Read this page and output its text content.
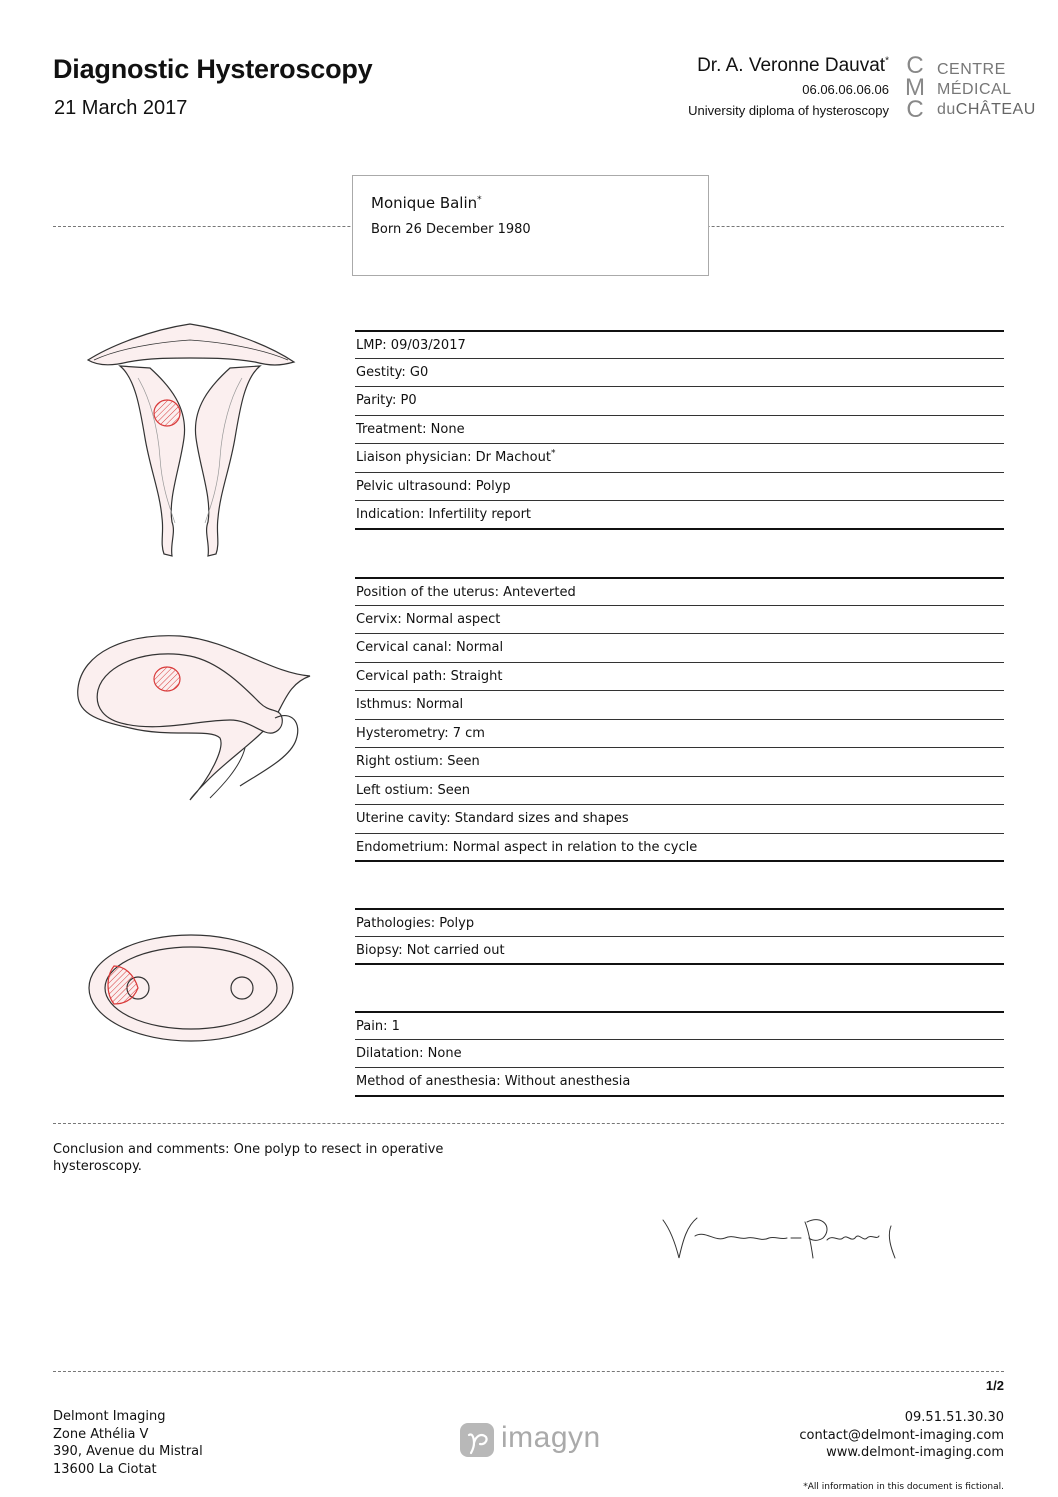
Diagnostic Hysteroscopy
21 March 2017
Dr. A. Veronne Dauvat*
06.06.06.06.06
University diploma of hysteroscopy
C
M
C
CENTRE
MÉDICAL
duCHÂTEAU
Monique Balin*
Born 26 December 1980
LMP: 09/03/2017
Gestity: G0
Parity: P0
Treatment: None
Liaison physician: Dr Machout*
Pelvic ultrasound: Polyp
Indication: Infertility report
Position of the uterus: Anteverted
Cervix: Normal aspect
Cervical canal: Normal
Cervical path: Straight
Isthmus: Normal
Hysterometry: 7 cm
Right ostium: Seen
Left ostium: Seen
Uterine cavity: Standard sizes and shapes
Endometrium: Normal aspect in relation to the cycle
Pathologies: Polyp
Biopsy: Not carried out
Pain: 1
Dilatation: None
Method of anesthesia: Without anesthesia
Conclusion and comments: One polyp to resect in operative hysteroscopy.
1/2
Delmont Imaging
Zone Athélia V
390, Avenue du Mistral
13600 La Ciotat
imagyn
09.51.51.30.30
contact@delmont-imaging.com
www.delmont-imaging.com
*All information in this document is fictional.
